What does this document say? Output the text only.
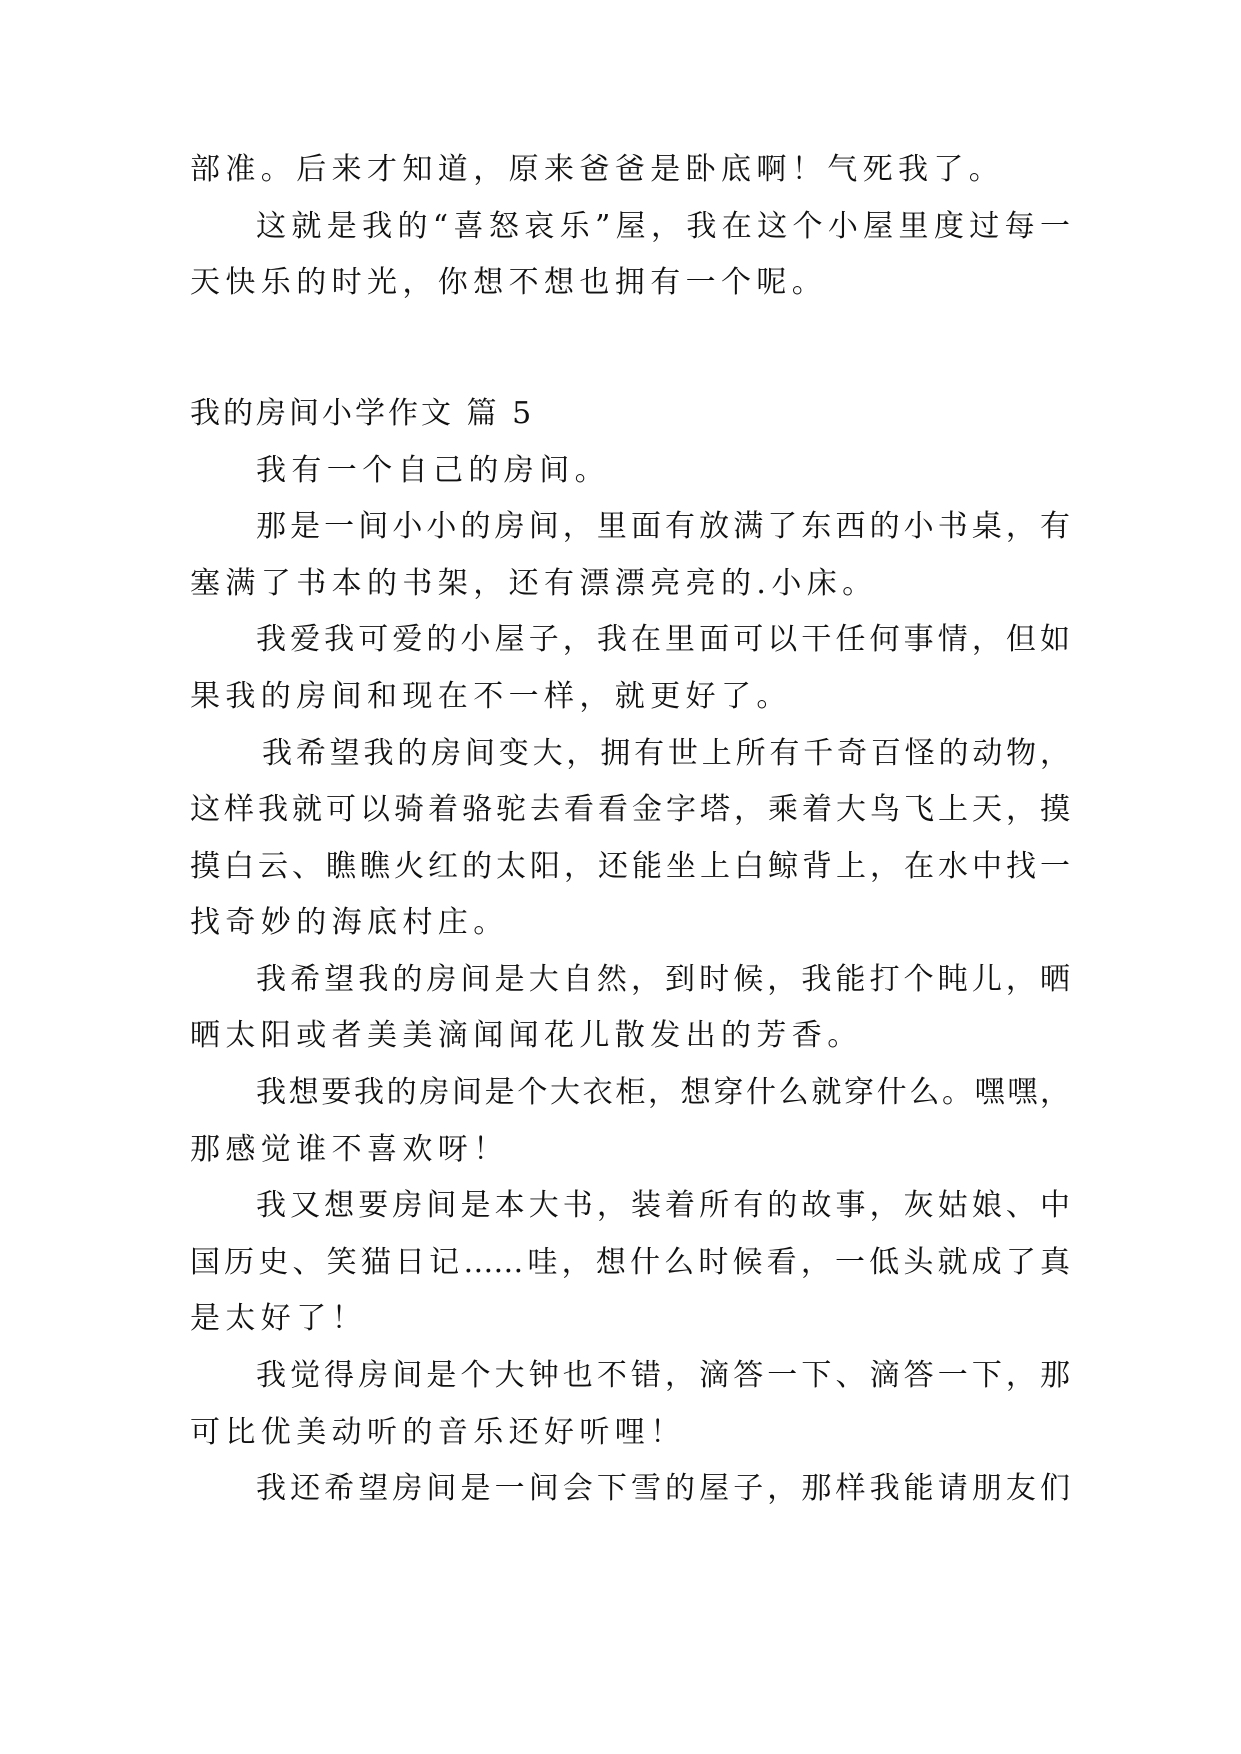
部准。后来才知道，原来爸爸是卧底啊！气死我了。
这就是我的“喜怒哀乐”屋，我在这个小屋里度过每一
天快乐的时光，你想不想也拥有一个呢。
我的房间小学作文 篇 5
我有一个自己的房间。
那是一间小小的房间，里面有放满了东西的小书桌，有
塞满了书本的书架，还有漂漂亮亮的.小床。
我爱我可爱的小屋子，我在里面可以干任何事情，但如
果我的房间和现在不一样，就更好了。
我希望我的房间变大，拥有世上所有千奇百怪的动物，
这样我就可以骑着骆驼去看看金字塔，乘着大鸟飞上天，摸
摸白云、瞧瞧火红的太阳，还能坐上白鲸背上，在水中找一
找奇妙的海底村庄。
我希望我的房间是大自然，到时候，我能打个盹儿，晒
晒太阳或者美美滴闻闻花儿散发出的芳香。
我想要我的房间是个大衣柜，想穿什么就穿什么。嘿嘿，
那感觉谁不喜欢呀！
我又想要房间是本大书，装着所有的故事，灰姑娘、中
国历史、笑猫日记……哇，想什么时候看，一低头就成了真
是太好了！
我觉得房间是个大钟也不错，滴答一下、滴答一下，那
可比优美动听的音乐还好听哩！
我还希望房间是一间会下雪的屋子，那样我能请朋友们
